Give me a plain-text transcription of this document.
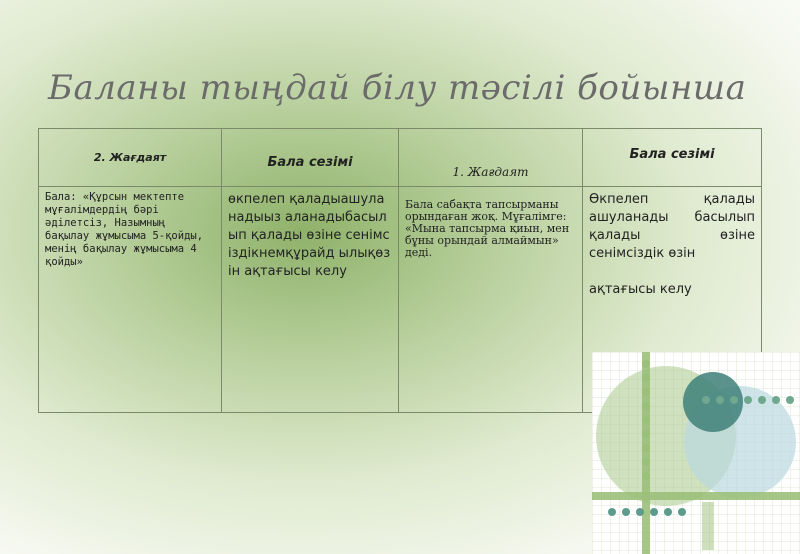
Баланы тыңдай білу тәсілі бойынша
2. Жағдаят	Бала сезімі	1. Жағдаят	Бала сезімі
Бала: «Құрсын мектепте мұғалімдердің бәрі әділетсіз, Назымның бақылау жұмысыма 5-қойды, менің бақылау жұмысыма 4 қойды»	өкпелеп қаладыашуланадыыз аланадыбасылып қалады өзіне сенімсіздікнемқұрайд ылықөзін ақтағысы келу	Бала сабақта тапсырманы орындаған жоқ. Мұғалімге: «Мына тапсырма қиын, мен бұны орындай алмаймын» деді.	Өкпелеп қалады ашуланады басылып қалады өзіне сенімсіздік өзін
ақтағысы келу
